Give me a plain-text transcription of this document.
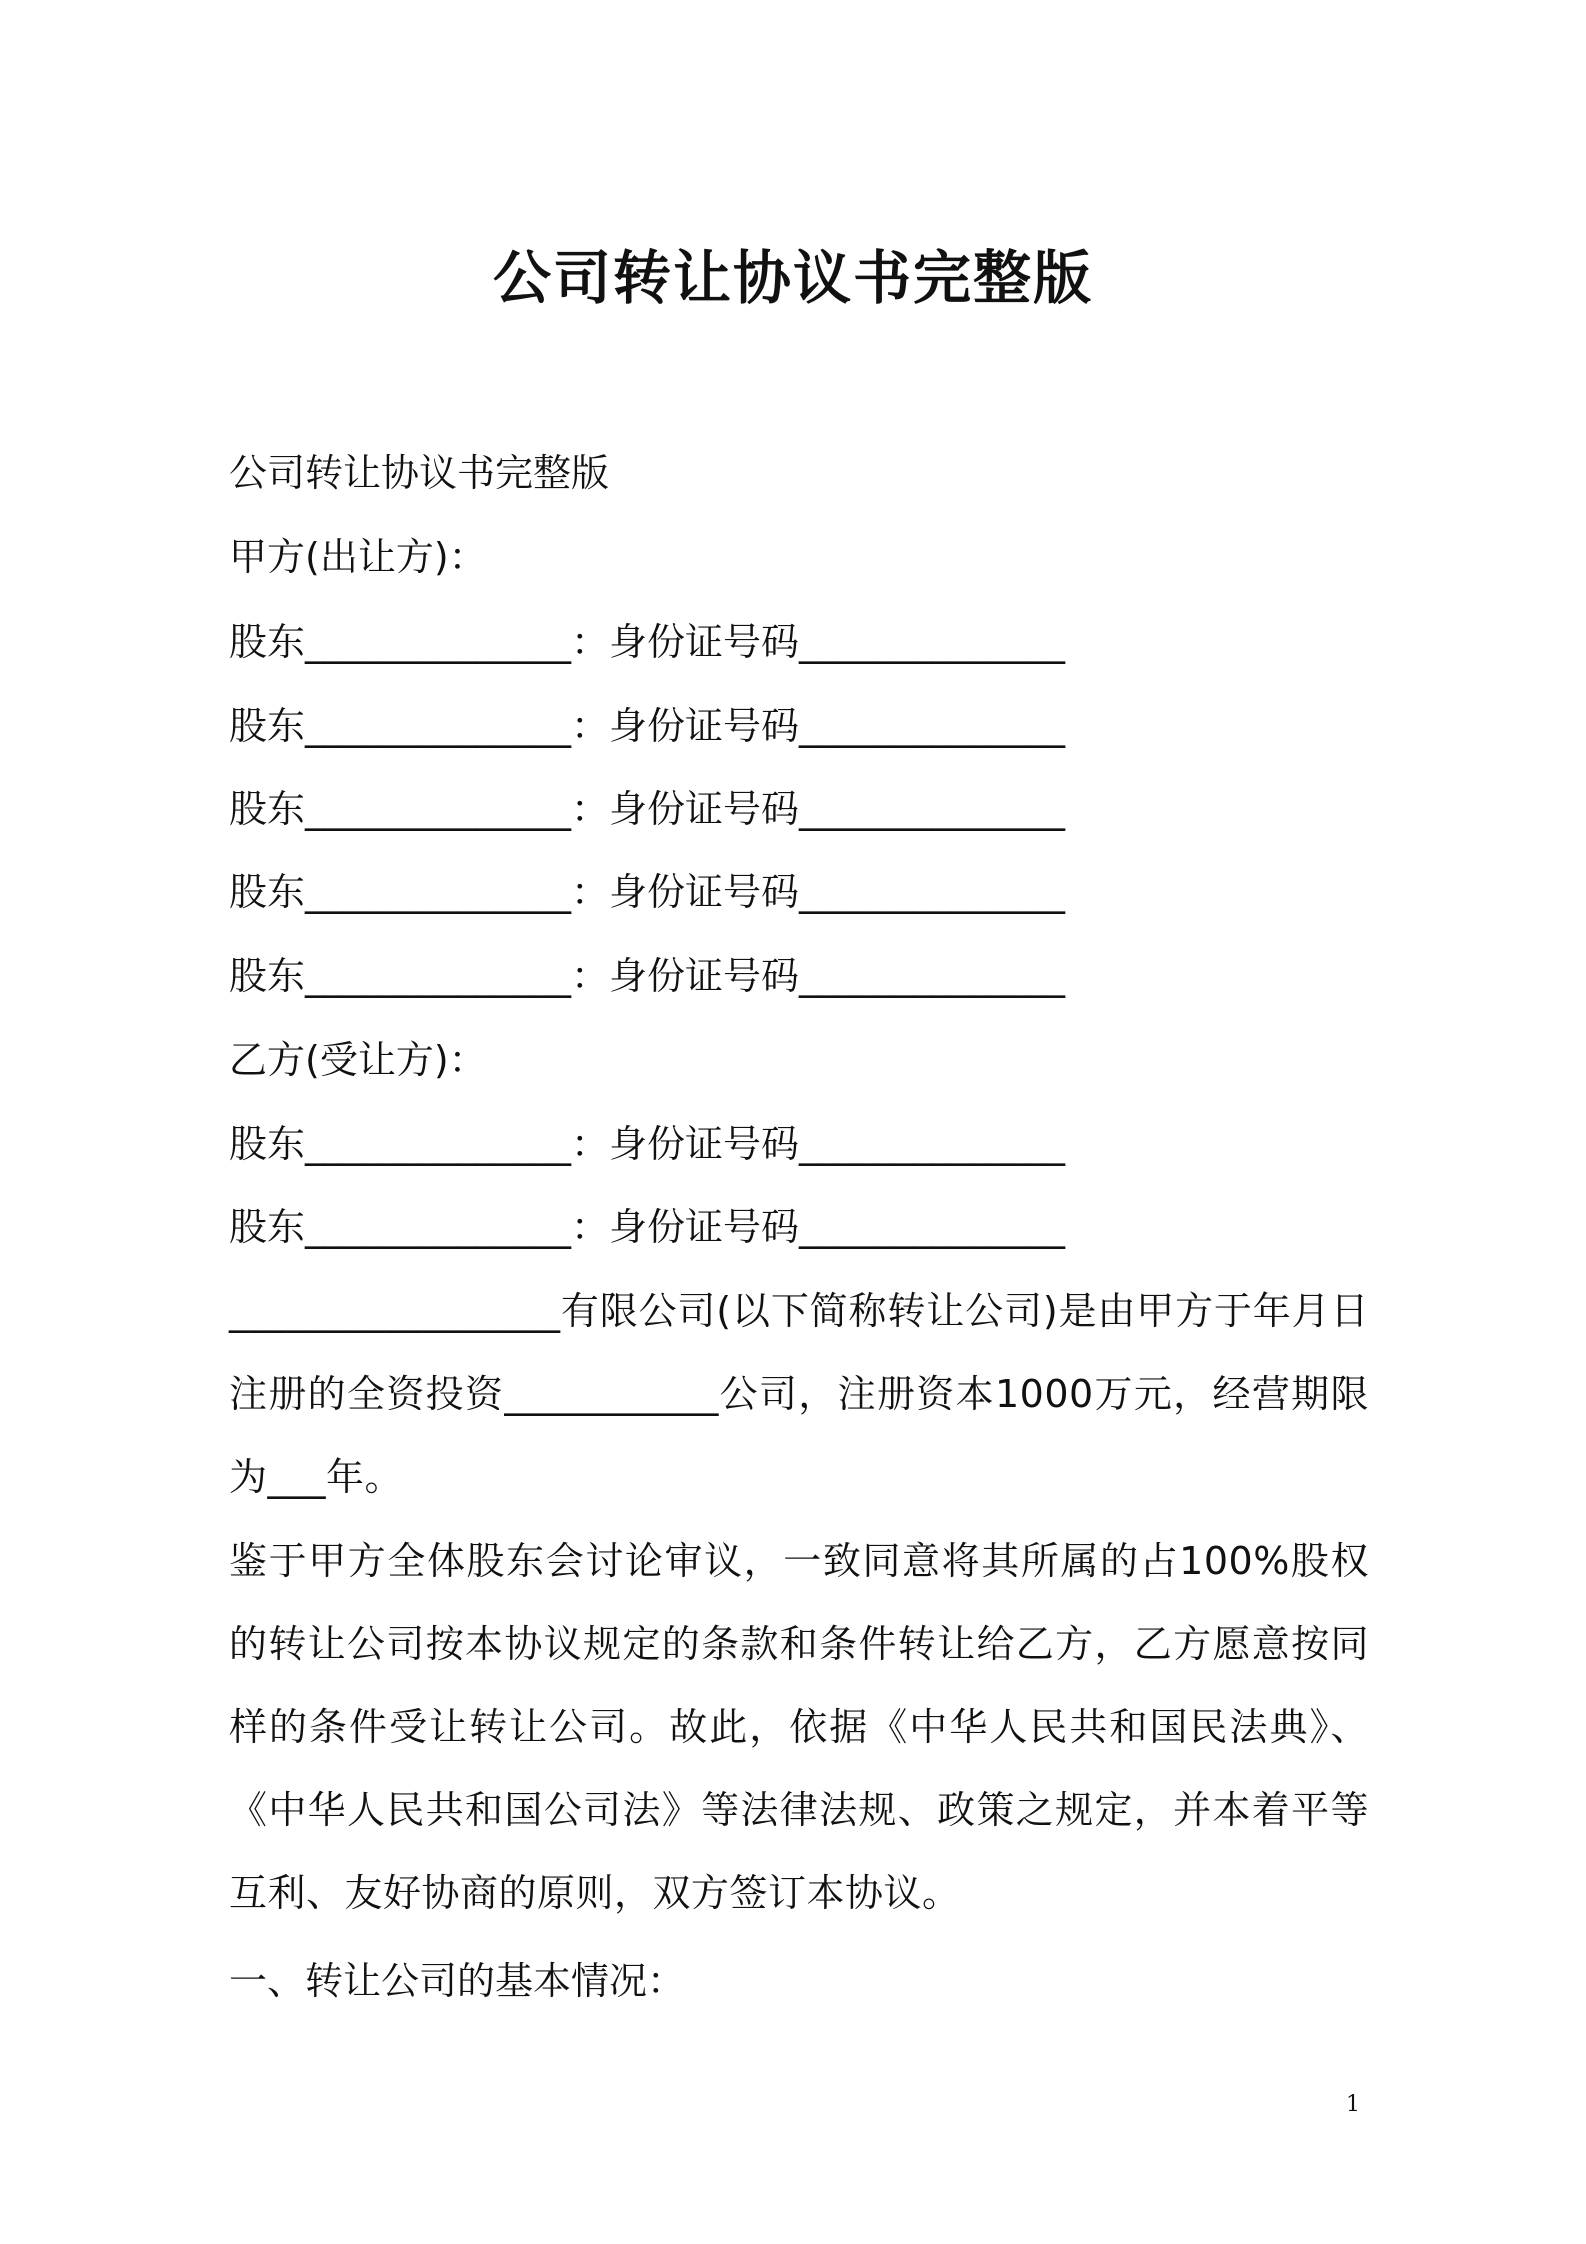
公司转让协议书完整版
公司转让协议书完整版
甲方(出让方)：
股东______________：身份证号码______________
股东______________：身份证号码______________
股东______________：身份证号码______________
股东______________：身份证号码______________
股东______________：身份证号码______________
乙方(受让方)：
股东______________：身份证号码______________
股东______________：身份证号码______________
_________________有限公司(以下简称转让公司)是由甲方于年月日注册的全资投资___________公司，注册资本1000万元，经营期限为___年。
鉴于甲方全体股东会讨论审议，一致同意将其所属的占100%股权的转让公司按本协议规定的条款和条件转让给乙方，乙方愿意按同样的条件受让转让公司。故此，依据《中华人民共和国民法典》、《中华人民共和国公司法》等法律法规、政策之规定，并本着平等互利、友好协商的原则，双方签订本协议。
一、转让公司的基本情况：
1
